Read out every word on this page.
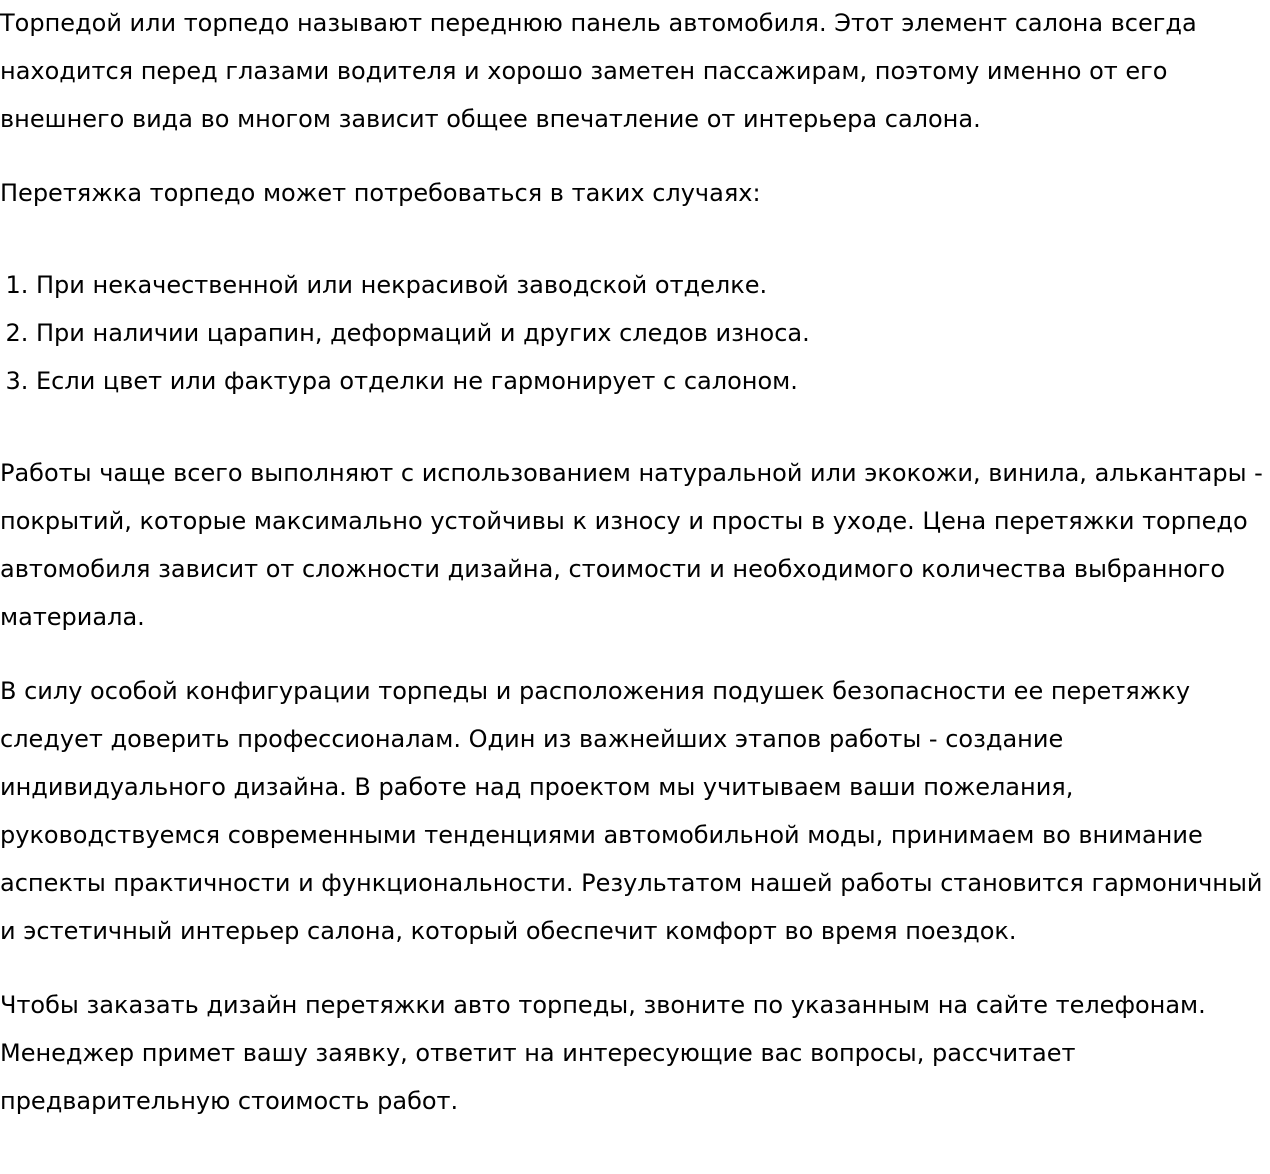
Торпедой или торпедо называют переднюю панель автомобиля. Этот элемент салона всегда находится перед глазами водителя и хорошо заметен пассажирам, поэтому именно от его внешнего вида во многом зависит общее впечатление от интерьера салона.

Перетяжка торпедо может потребоваться в таких случаях:

1. При некачественной или некрасивой заводской отделке.
2. При наличии царапин, деформаций и других следов износа.
3. Если цвет или фактура отделки не гармонирует с салоном.

Работы чаще всего выполняют с использованием натуральной или экокожи, винила, алькантары - покрытий, которые максимально устойчивы к износу и просты в уходе. Цена перетяжки торпедо автомобиля зависит от сложности дизайна, стоимости и необходимого количества выбранного материала.

В силу особой конфигурации торпеды и расположения подушек безопасности ее перетяжку следует доверить профессионалам. Один из важнейших этапов работы - создание индивидуального дизайна. В работе над проектом мы учитываем ваши пожелания, руководствуемся современными тенденциями автомобильной моды, принимаем во внимание аспекты практичности и функциональности. Результатом нашей работы становится гармоничный и эстетичный интерьер салона, который обеспечит комфорт во время поездок.

Чтобы заказать дизайн перетяжки авто торпеды, звоните по указанным на сайте телефонам. Менеджер примет вашу заявку, ответит на интересующие вас вопросы, рассчитает предварительную стоимость работ.
